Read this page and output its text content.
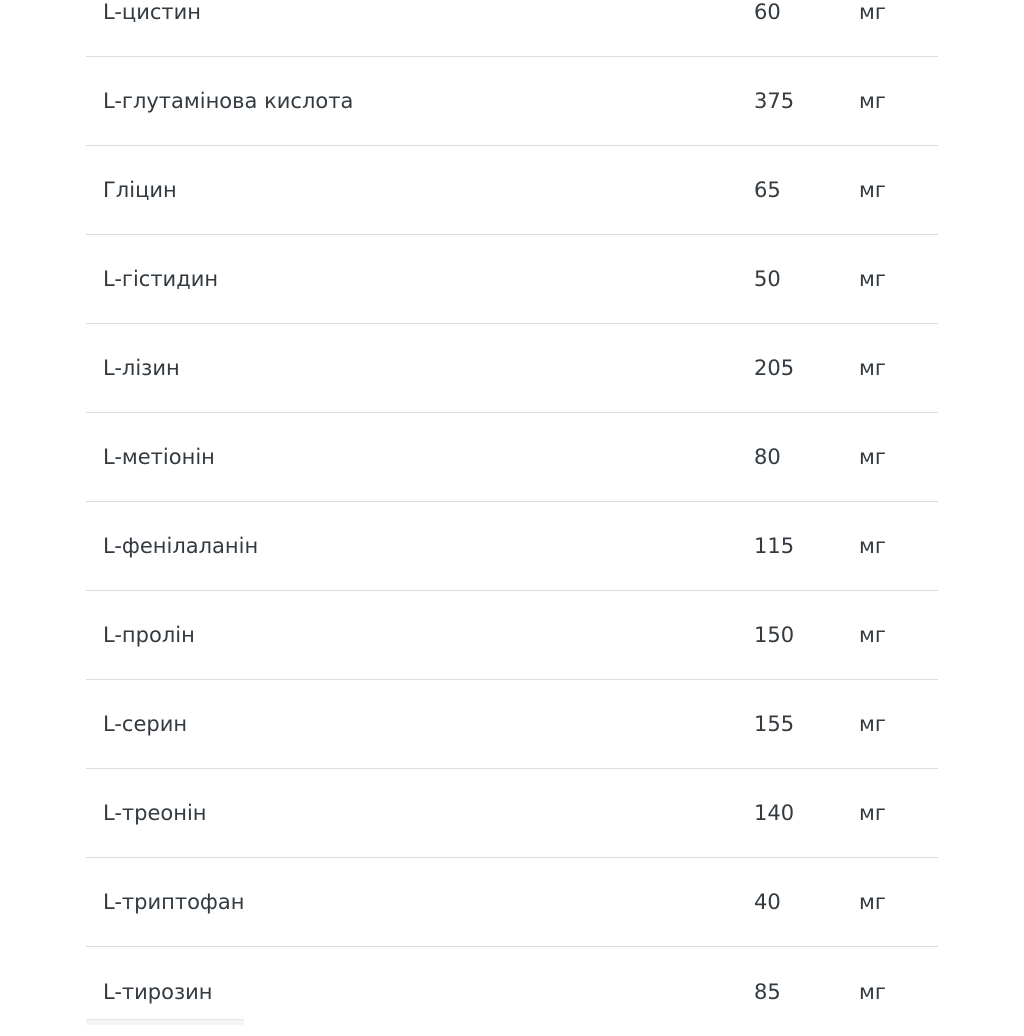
L-цистин	60	мг
L-глутамінова кислота	375	мг
Гліцин	65	мг
L-гістидин	50	мг
L-лізин	205	мг
L-метіонін	80	мг
L-фенілаланін	115	мг
L-пролін	150	мг
L-серин	155	мг
L-треонін	140	мг
L-триптофан	40	мг
L-тирозин	85	мг
